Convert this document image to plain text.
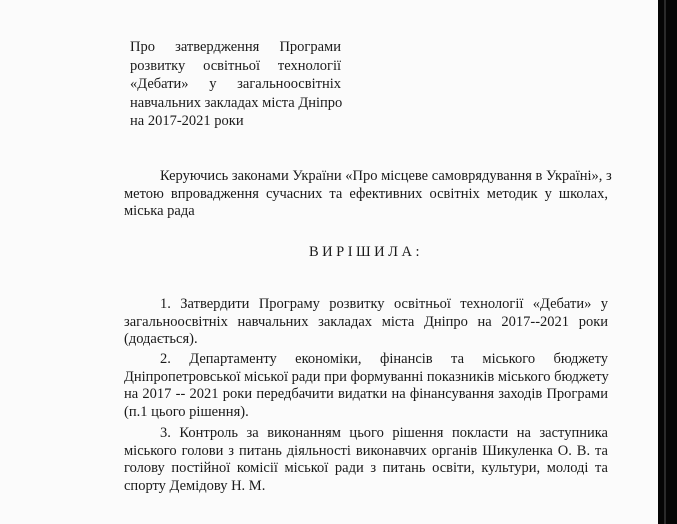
Про затвердження Програми
розвитку освітньої технології
«Дебати» у загальноосвітніх
навчальних закладах міста Дніпро
на 2017-2021 роки
Керуючись законами України «Про місцеве самоврядування в Україні», з
метою впровадження сучасних та ефективних освітніх методик у школах,
міська рада
ВИРІШИЛА:
1. Затвердити Програму розвитку освітньої технології «Дебати» у
загальноосвітніх навчальних закладах міста Дніпро на 2017--2021 роки
(додається).
2. Департаменту економіки, фінансів та міського бюджету
Дніпропетровської міської ради при формуванні показників міського бюджету
на 2017 -- 2021 роки передбачити видатки на фінансування заходів Програми
(п.1 цього рішення).
3. Контроль за виконанням цього рішення покласти на заступника
міського голови з питань діяльності виконавчих органів Шикуленка О. В. та
голову постійної комісії міської ради з питань освіти, культури, молоді та
спорту Демідову Н. М.
